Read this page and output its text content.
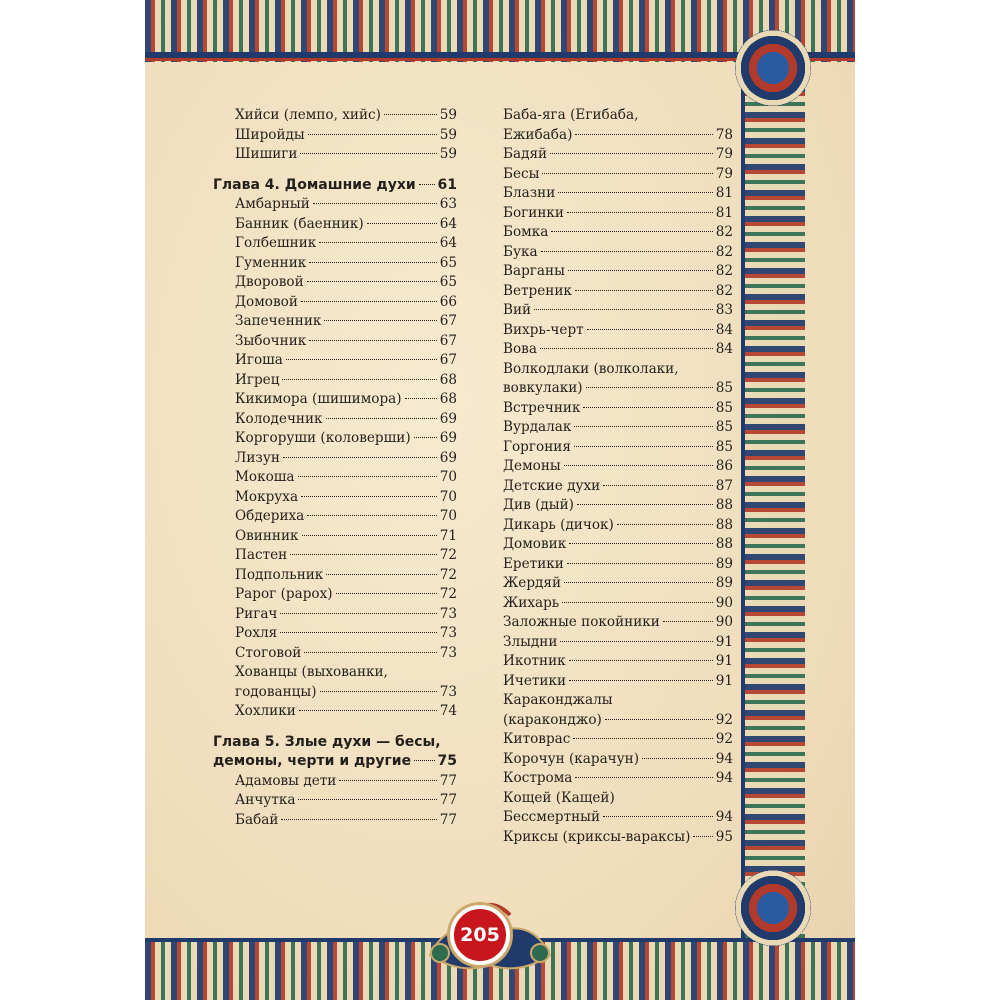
205
Хийси (лемпо, хийс)	59
Широйды	59
Шишиги	59
Глава 4. Домашние духи 61
Амбарный	63
Банник (баенник)	64
Голбешник	64
Гуменник	65
Дворовой	65
Домовой	66
Запеченник	67
Зыбочник	67
Игоша	67
Игрец	68
Кикимора (шишимора)	68
Колодечник	69
Коргоруши (коловерши) 69
Лизун	69
Мокоша	70
Мокруха	70
Обдериха	70
Овинник	71
Пастен	72
Подпольник	72
Рарог (рарох)	72
Ригач	73
Рохля	73
Стоговой	73
Хованцы (выхованки,
годованцы)	73
Хохлики	74
Глава 5. Злые духи — бесы,
демоны, черти и другие 75
Адамовы дети	77
Анчутка	77
Бабай	77
Баба-яга (Егибаба,
Ежибаба)	78
Бадяй	79
Бесы	79
Блазни	81
Богинки	81
Бомка	82
Бука	82
Варганы	82
Ветреник	82
Вий	83
Вихрь-черт	84
Вова	84
Волкодлаки (волколаки,
вовкулаки)	85
Встречник	85
Вурдалак	85
Горгония	85
Демоны	86
Детские духи	87
Див (дый)	88
Дикарь (дичок)	88
Домовик	88
Еретики	89
Жердяй	89
Жихарь	90
Заложные покойники	90
Злыдни	91
Икотник	91
Ичетики	91
Караконджалы
(караконджо)	92
Китоврас	92
Корочун (карачун)	94
Кострома	94
Кощей (Кащей)
Бессмертный	94
Криксы (криксы-вараксы) 95
